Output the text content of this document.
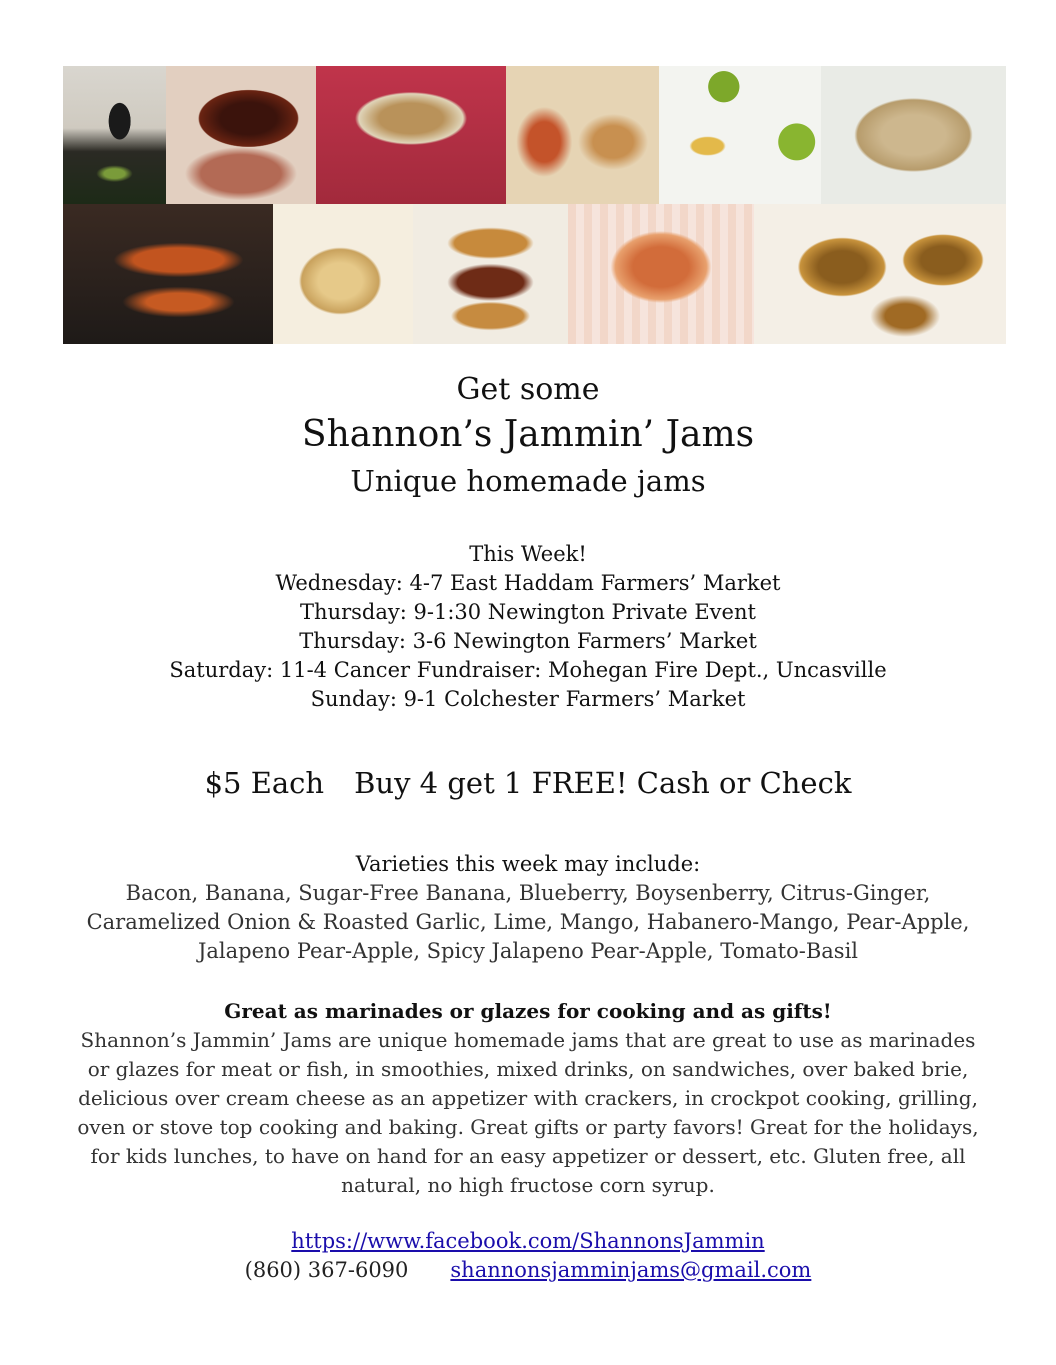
Get some
Shannon’s Jammin’ Jams
Unique homemade jams
This Week!
Wednesday: 4-7 East Haddam Farmers’ Market
Thursday: 9-1:30 Newington Private Event
Thursday: 3-6 Newington Farmers’ Market
Saturday: 11-4 Cancer Fundraiser: Mohegan Fire Dept., Uncasville
Sunday: 9-1 Colchester Farmers’ Market
$5 Each Buy 4 get 1 FREE! Cash or Check
Varieties this week may include:
Bacon, Banana, Sugar-Free Banana, Blueberry, Boysenberry, Citrus-Ginger,
Caramelized Onion & Roasted Garlic, Lime, Mango, Habanero-Mango, Pear-Apple,
Jalapeno Pear-Apple, Spicy Jalapeno Pear-Apple, Tomato-Basil
Great as marinades or glazes for cooking and as gifts!
Shannon’s Jammin’ Jams are unique homemade jams that are great to use as marinades
or glazes for meat or fish, in smoothies, mixed drinks, on sandwiches, over baked brie,
delicious over cream cheese as an appetizer with crackers, in crockpot cooking, grilling,
oven or stove top cooking and baking. Great gifts or party favors! Great for the holidays,
for kids lunches, to have on hand for an easy appetizer or dessert, etc. Gluten free, all
natural, no high fructose corn syrup.
https://www.facebook.com/ShannonsJammin
(860) 367-6090 shannonsjamminjams@gmail.com
